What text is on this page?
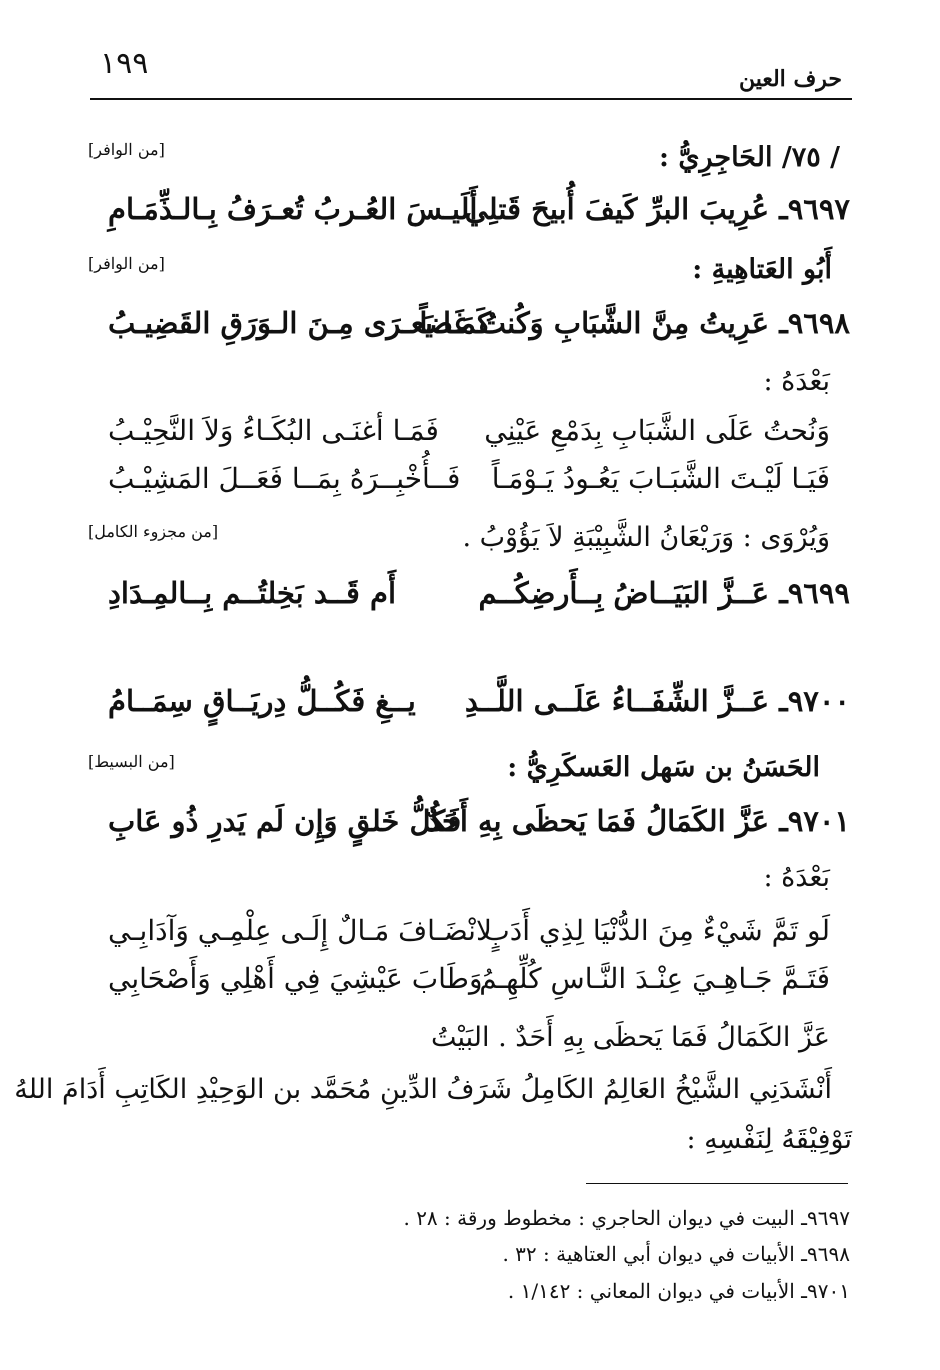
١٩٩	حرف العين
/ ٧٥/ الحَاجِرِيُّ :
[من الوافر]
٩٦٩٧ـ عُرِيبَ البرِّ كَيفَ أُبيحَ قَتلِي
أَلَيـسَ العُـربُ تُعـرَفُ بِـالـذِّمَـامِ
أَبُو العَتاهِيةِ :
[من الوافر]
٩٦٩٨ـ عَرِيتُ مِنَّ الشَّبَابِ وَكُنتُ غَضاً
كَمَـا يَعـرَى مِـنَ الـوَرَقِ القَضِيـبُ
بَعْدَهُ :
وَنُحتُ عَلَى الشَّبَابِ بِدَمْعِ عَيْنِي
فَمَـا أغنَـى البُكَـاءُ وَلاَ النَّحِيْـبُ
فَيَـا لَيْـتَ الشَّبَـابَ يَعُـودُ يَـوْمَـاً
فَــأُخْبِــرَهُ بِمَــا فَعَــلَ المَشِيْـبُ
وَيُرْوَى : وَرَيْعَانُ الشَّبِيْبَةِ لاَ يَؤُوْبُ .
[من مجزوء الكامل]
٩٦٩٩ـ عَــزَّ البَيَــاضُ بِــأَرضِكُــم
أَم قَــد بَخِلتُــم بِــالمِـدَادِ
٩٧٠٠ـ عَــزَّ الشِّفَــاءُ عَلَــى اللَّــدِ
يــغِ فَكُــلُّ دِريَــاقٍ سِمَــامُ
الحَسَنُ بن سَهل العَسكَرِيُّ :
[من البسيط]
٩٧٠١ـ عَزَّ الكَمَالُ فَمَا يَحظَى بِهِ أَحَدٌ
فَكُلُّ خَلقٍ وَإِن لَم يَدرِ ذُو عَابِ
بَعْدَهُ :
لَو تَمَّ شَيْءٌ مِنَ الدُّنْيَا لِذِي أَدَبٍ
لانْضَـافَ مَـالٌ إِلَـى عِلْمِـي وَآدَابِـي
فَتَـمَّ جَـاهِـيَ عِنْـدَ النَّـاسِ كُلِّهِـمُ
وَطَابَ عَيْشِيَ فِي أَهْلِي وَأَصْحَابِي
عَزَّ الكَمَالُ فَمَا يَحظَى بِهِ أَحَدٌ . البَيْتُ
أَنْشَدَنِي الشَّيْخُ العَالِمُ الكَامِلُ شَرَفُ الدِّينِ مُحَمَّد بن الوَحِيْدِ الكَاتِبِ أَدَامَ اللهُ
تَوْفِيْقَهُ لِنَفْسِهِ :
٩٦٩٧ـ البيت في ديوان الحاجري : مخطوط ورقة : ٢٨ .
٩٦٩٨ـ الأبيات في ديوان أبي العتاهية : ٣٢ .
٩٧٠١ـ الأبيات في ديوان المعاني : ١/١٤٢ .
